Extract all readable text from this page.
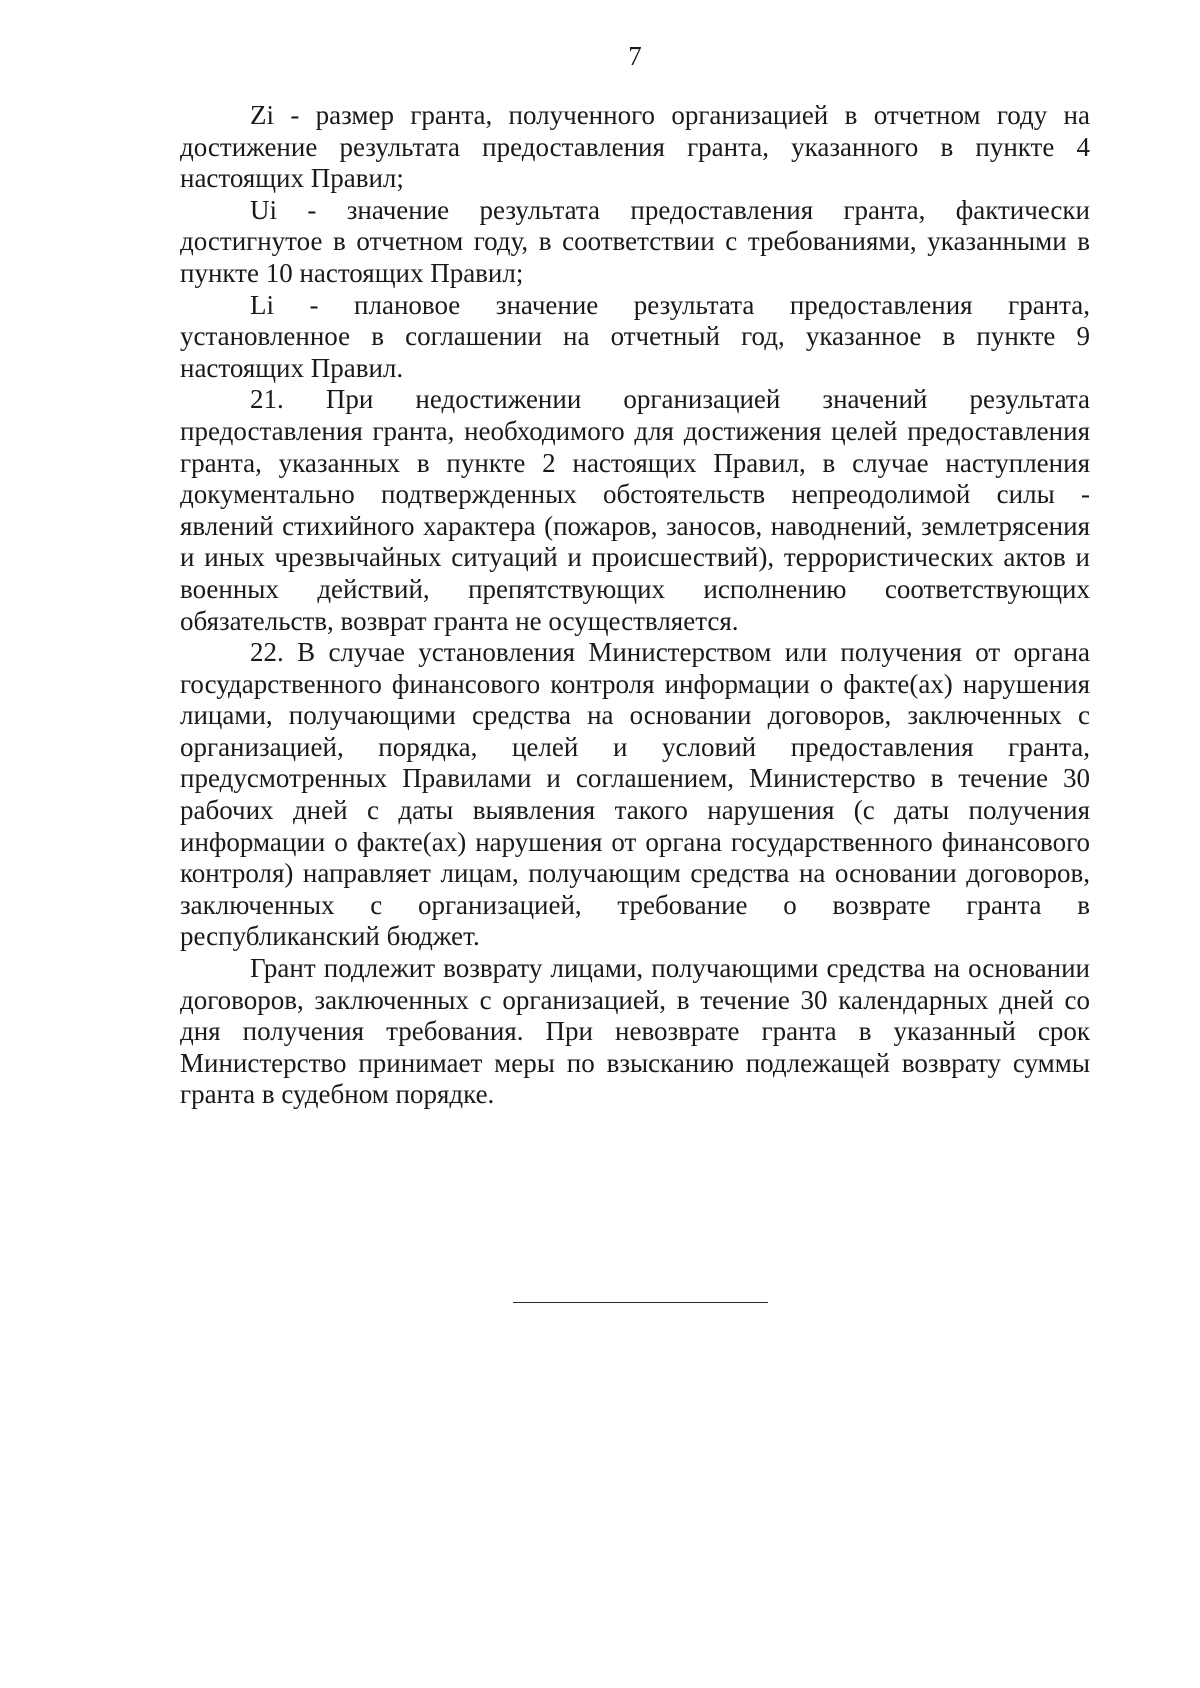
7

Zi - размер гранта, полученного организацией в отчетном году на достижение результата предоставления гранта, указанного в пункте 4 настоящих Правил;

Ui - значение результата предоставления гранта, фактически достигнутое в отчетном году, в соответствии с требованиями, указанными в пункте 10 настоящих Правил;

Li - плановое значение результата предоставления гранта, установленное в соглашении на отчетный год, указанное в пункте 9 настоящих Правил.

21. При недостижении организацией значений результата предоставления гранта, необходимого для достижения целей предоставления гранта, указанных в пункте 2 настоящих Правил, в случае наступления документально подтвержденных обстоятельств непреодолимой силы - явлений стихийного характера (пожаров, заносов, наводнений, землетрясения и иных чрезвычайных ситуаций и происшествий), террористических актов и военных действий, препятствующих исполнению соответствующих обязательств, возврат гранта не осуществляется.

22. В случае установления Министерством или получения от органа государственного финансового контроля информации о факте(ах) нарушения лицами, получающими средства на основании договоров, заключенных с организацией, порядка, целей и условий предоставления гранта, предусмотренных Правилами и соглашением, Министерство в течение 30 рабочих дней с даты выявления такого нарушения (с даты получения информации о факте(ах) нарушения от органа государственного финансового контроля) направляет лицам, получающим средства на основании договоров, заключенных с организацией, требование о возврате гранта в республиканский бюджет.

Грант подлежит возврату лицами, получающими средства на основании договоров, заключенных с организацией, в течение 30 календарных дней со дня получения требования. При невозврате гранта в указанный срок Министерство принимает меры по взысканию подлежащей возврату суммы гранта в судебном порядке.
